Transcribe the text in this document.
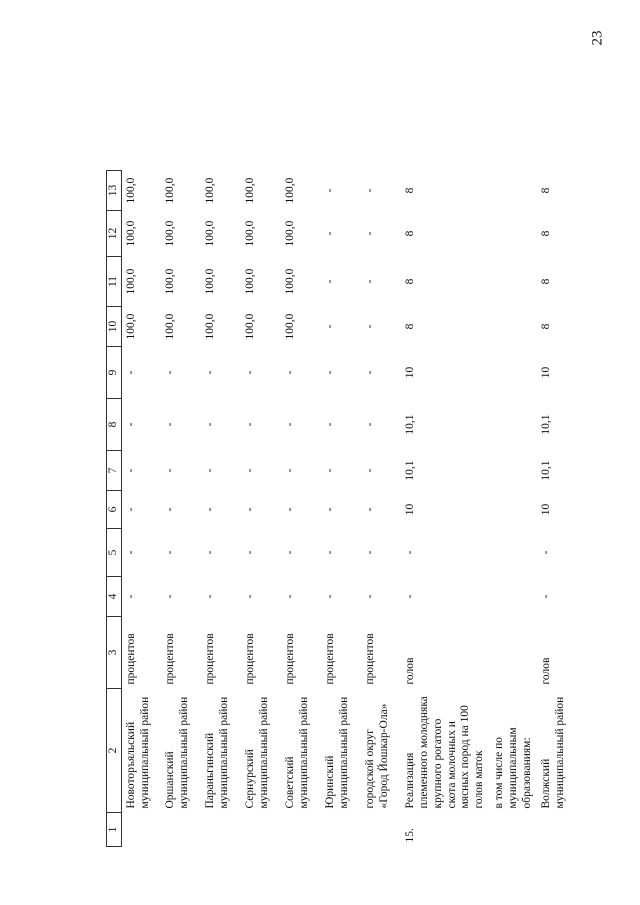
23
1	2	3	4	5	6	7	8	9	10	11	12	13
	Новоторъяльский муниципальный район	процентов	-	-	-	-	-	-	100,0	100,0	100,0	100,0
	Оршанский муниципальный район	процентов	-	-	-	-	-	-	100,0	100,0	100,0	100,0
	Параньгинский муниципальный район	процентов	-	-	-	-	-	-	100,0	100,0	100,0	100,0
	Сернурский муниципальный район	процентов	-	-	-	-	-	-	100,0	100,0	100,0	100,0
	Советский муниципальный район	процентов	-	-	-	-	-	-	100,0	100,0	100,0	100,0
	Юринский муниципальный район	процентов	-	-	-	-	-	-	-	-	-	-
	городской округ «Город Йошкар-Ола»	процентов	-	-	-	-	-	-	-	-	-	-
15.	Реализация племенного молодняка крупного рогатого скота молочных и мясных пород на 100 голов маток	голов	-	-	10	10,1	10,1	10	8	8	8	8
	в том числе по муниципальным образованиям:											
	Волжский муниципальный район	голов	-	-	10	10,1	10,1	10	8	8	8	8
